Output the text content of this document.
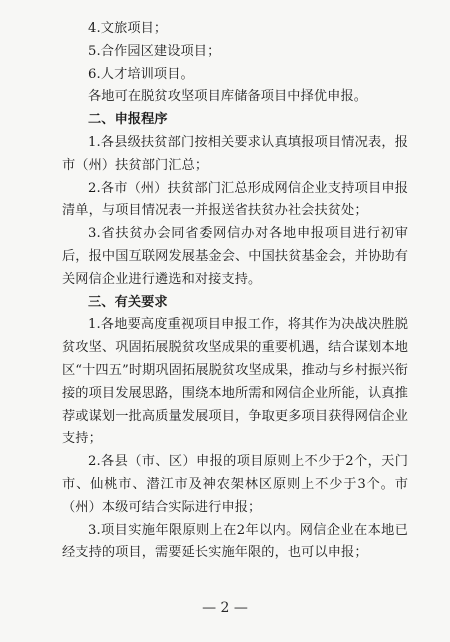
4.文旅项目；

5.合作园区建设项目；

6.人才培训项目。

各地可在脱贫攻坚项目库储备项目中择优申报。

二、申报程序

1.各县级扶贫部门按相关要求认真填报项目情况表，报市（州）扶贫部门汇总；

2.各市（州）扶贫部门汇总形成网信企业支持项目申报清单，与项目情况表一并报送省扶贫办社会扶贫处；

3.省扶贫办会同省委网信办对各地申报项目进行初审后，报中国互联网发展基金会、中国扶贫基金会，并协助有关网信企业进行遴选和对接支持。

三、有关要求

1.各地要高度重视项目申报工作，将其作为决战决胜脱贫攻坚、巩固拓展脱贫攻坚成果的重要机遇，结合谋划本地区“十四五”时期巩固拓展脱贫攻坚成果，推动与乡村振兴衔接的项目发展思路，围绕本地所需和网信企业所能，认真推荐或谋划一批高质量发展项目，争取更多项目获得网信企业支持；

2.各县（市、区）申报的项目原则上不少于2个，天门市、仙桃市、潜江市及神农架林区原则上不少于3个。市（州）本级可结合实际进行申报；

3.项目实施年限原则上在2年以内。网信企业在本地已经支持的项目，需要延长实施年限的，也可以申报；

— 2 —
